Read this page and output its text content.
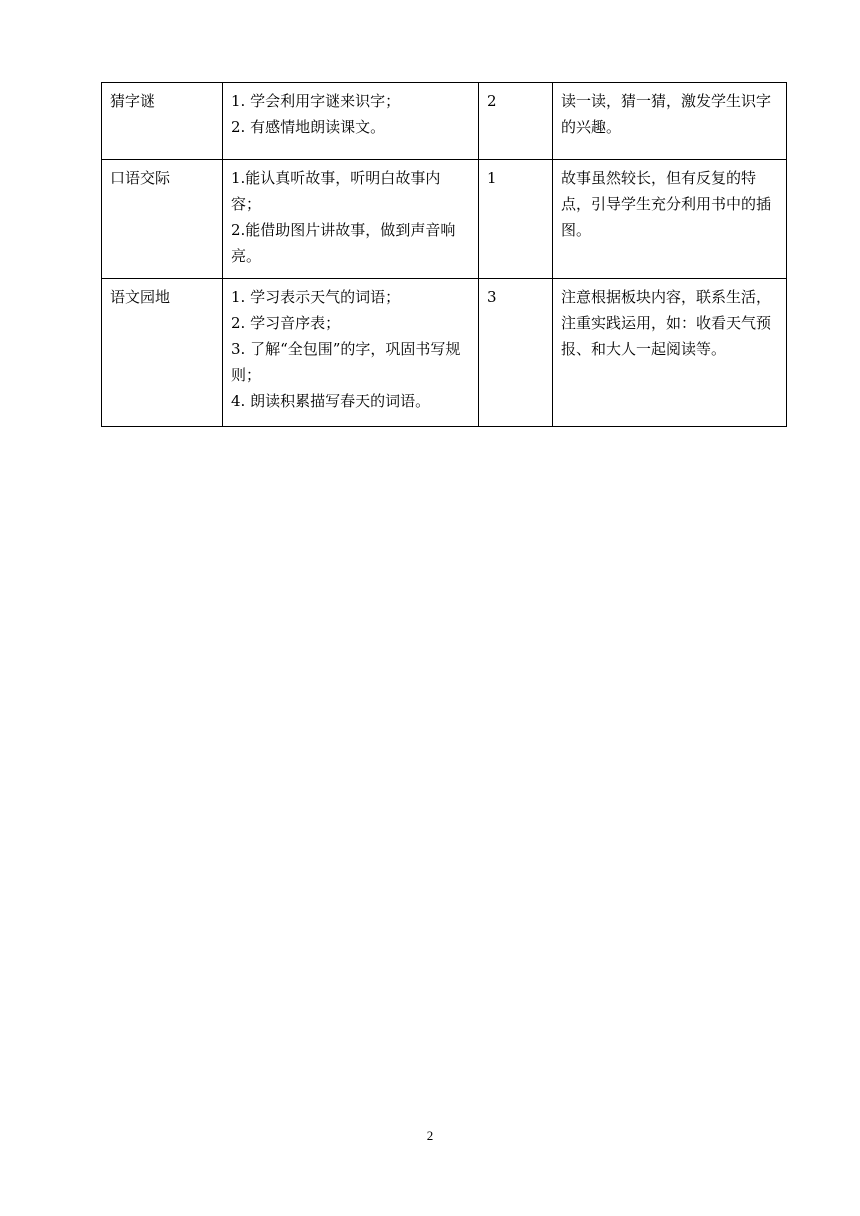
猜字谜	1. 学会利用字谜来识字；
2. 有感情地朗读课文。	2	读一读，猜一猜，激发学生识字的兴趣。
口语交际	1.能认真听故事，听明白故事内容；
2.能借助图片讲故事，做到声音响亮。	1	故事虽然较长，但有反复的特点，引导学生充分利用书中的插图。
语文园地	1. 学习表示天气的词语；
2. 学习音序表；
3. 了解“全包围”的字，巩固书写规则；
4. 朗读积累描写春天的词语。	3	注意根据板块内容，联系生活，注重实践运用，如：收看天气预报、和大人一起阅读等。
2
